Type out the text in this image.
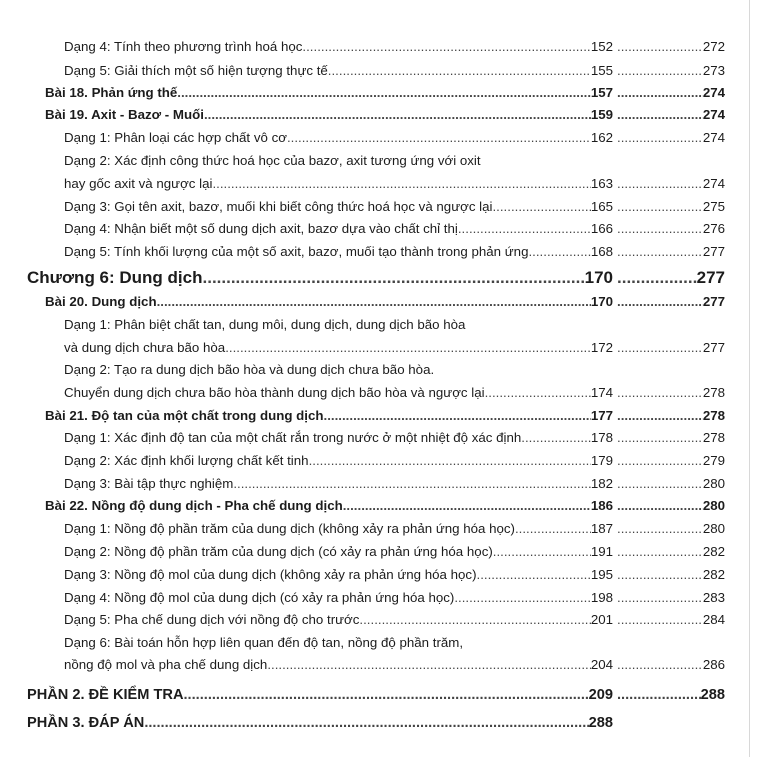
Dạng 4: Tính theo phương trình hoá học .....	152 .....	272
Dạng 5: Giải thích một số hiện tượng thực tế .....	155 .....	273
Bài 18. Phản ứng thế .....	157 .....	274
Bài 19. Axit - Bazơ - Muối .....	159 .....	274
Dạng 1: Phân loại các hợp chất vô cơ .....	162 .....	274
Dạng 2: Xác định công thức hoá học của bazơ, axit tương ứng với oxit
hay gốc axit và ngược lại .....	163 .....	274
Dạng 3: Gọi tên axit, bazơ, muối khi biết công thức hoá học và ngược lại .....	165 .....	275
Dạng 4: Nhận biết một số dung dịch axit, bazơ dựa vào chất chỉ thị .....	166 .....	276
Dạng 5: Tính khối lượng của một số axit, bazơ, muối tạo thành trong phản ứng .....	168 .....	277
Chương 6: Dung dịch .....	170 .....	277
Bài 20. Dung dịch .....	170 .....	277
Dạng 1: Phân biệt chất tan, dung môi, dung dịch, dung dịch bão hòa
và dung dịch chưa bão hòa .....	172 .....	277
Dạng 2: Tạo ra dung dịch bão hòa và dung dịch chưa bão hòa.
Chuyển dung dịch chưa bão hòa thành dung dịch bão hòa và ngược lại .....	174 .....	278
Bài 21. Độ tan của một chất trong dung dịch .....	177 .....	278
Dạng 1: Xác định độ tan của một chất rắn trong nước ở một nhiệt độ xác định .....	178 .....	278
Dạng 2: Xác định khối lượng chất kết tinh .....	179 .....	279
Dạng 3: Bài tập thực nghiệm .....	182 .....	280
Bài 22. Nồng độ dung dịch - Pha chế dung dịch .....	186 .....	280
Dạng 1: Nồng độ phần trăm của dung dịch (không xảy ra phản ứng hóa học) .....	187 .....	280
Dạng 2: Nồng độ phần trăm của dung dịch (có xảy ra phản ứng hóa học) .....	191 .....	282
Dạng 3: Nồng độ mol của dung dịch (không xảy ra phản ứng hóa học) .....	195 .....	282
Dạng 4: Nồng độ mol của dung dịch (có xảy ra phản ứng hóa học) .....	198 .....	283
Dạng 5: Pha chế dung dịch với nồng độ cho trước .....	201 .....	284
Dạng 6: Bài toán hỗn hợp liên quan đến độ tan, nồng độ phần trăm,
nồng độ mol và pha chế dung dịch .....	204 .....	286
PHẦN 2. ĐỀ KIỂM TRA .....	209 .....	288
PHẦN 3. ĐÁP ÁN .....	288
